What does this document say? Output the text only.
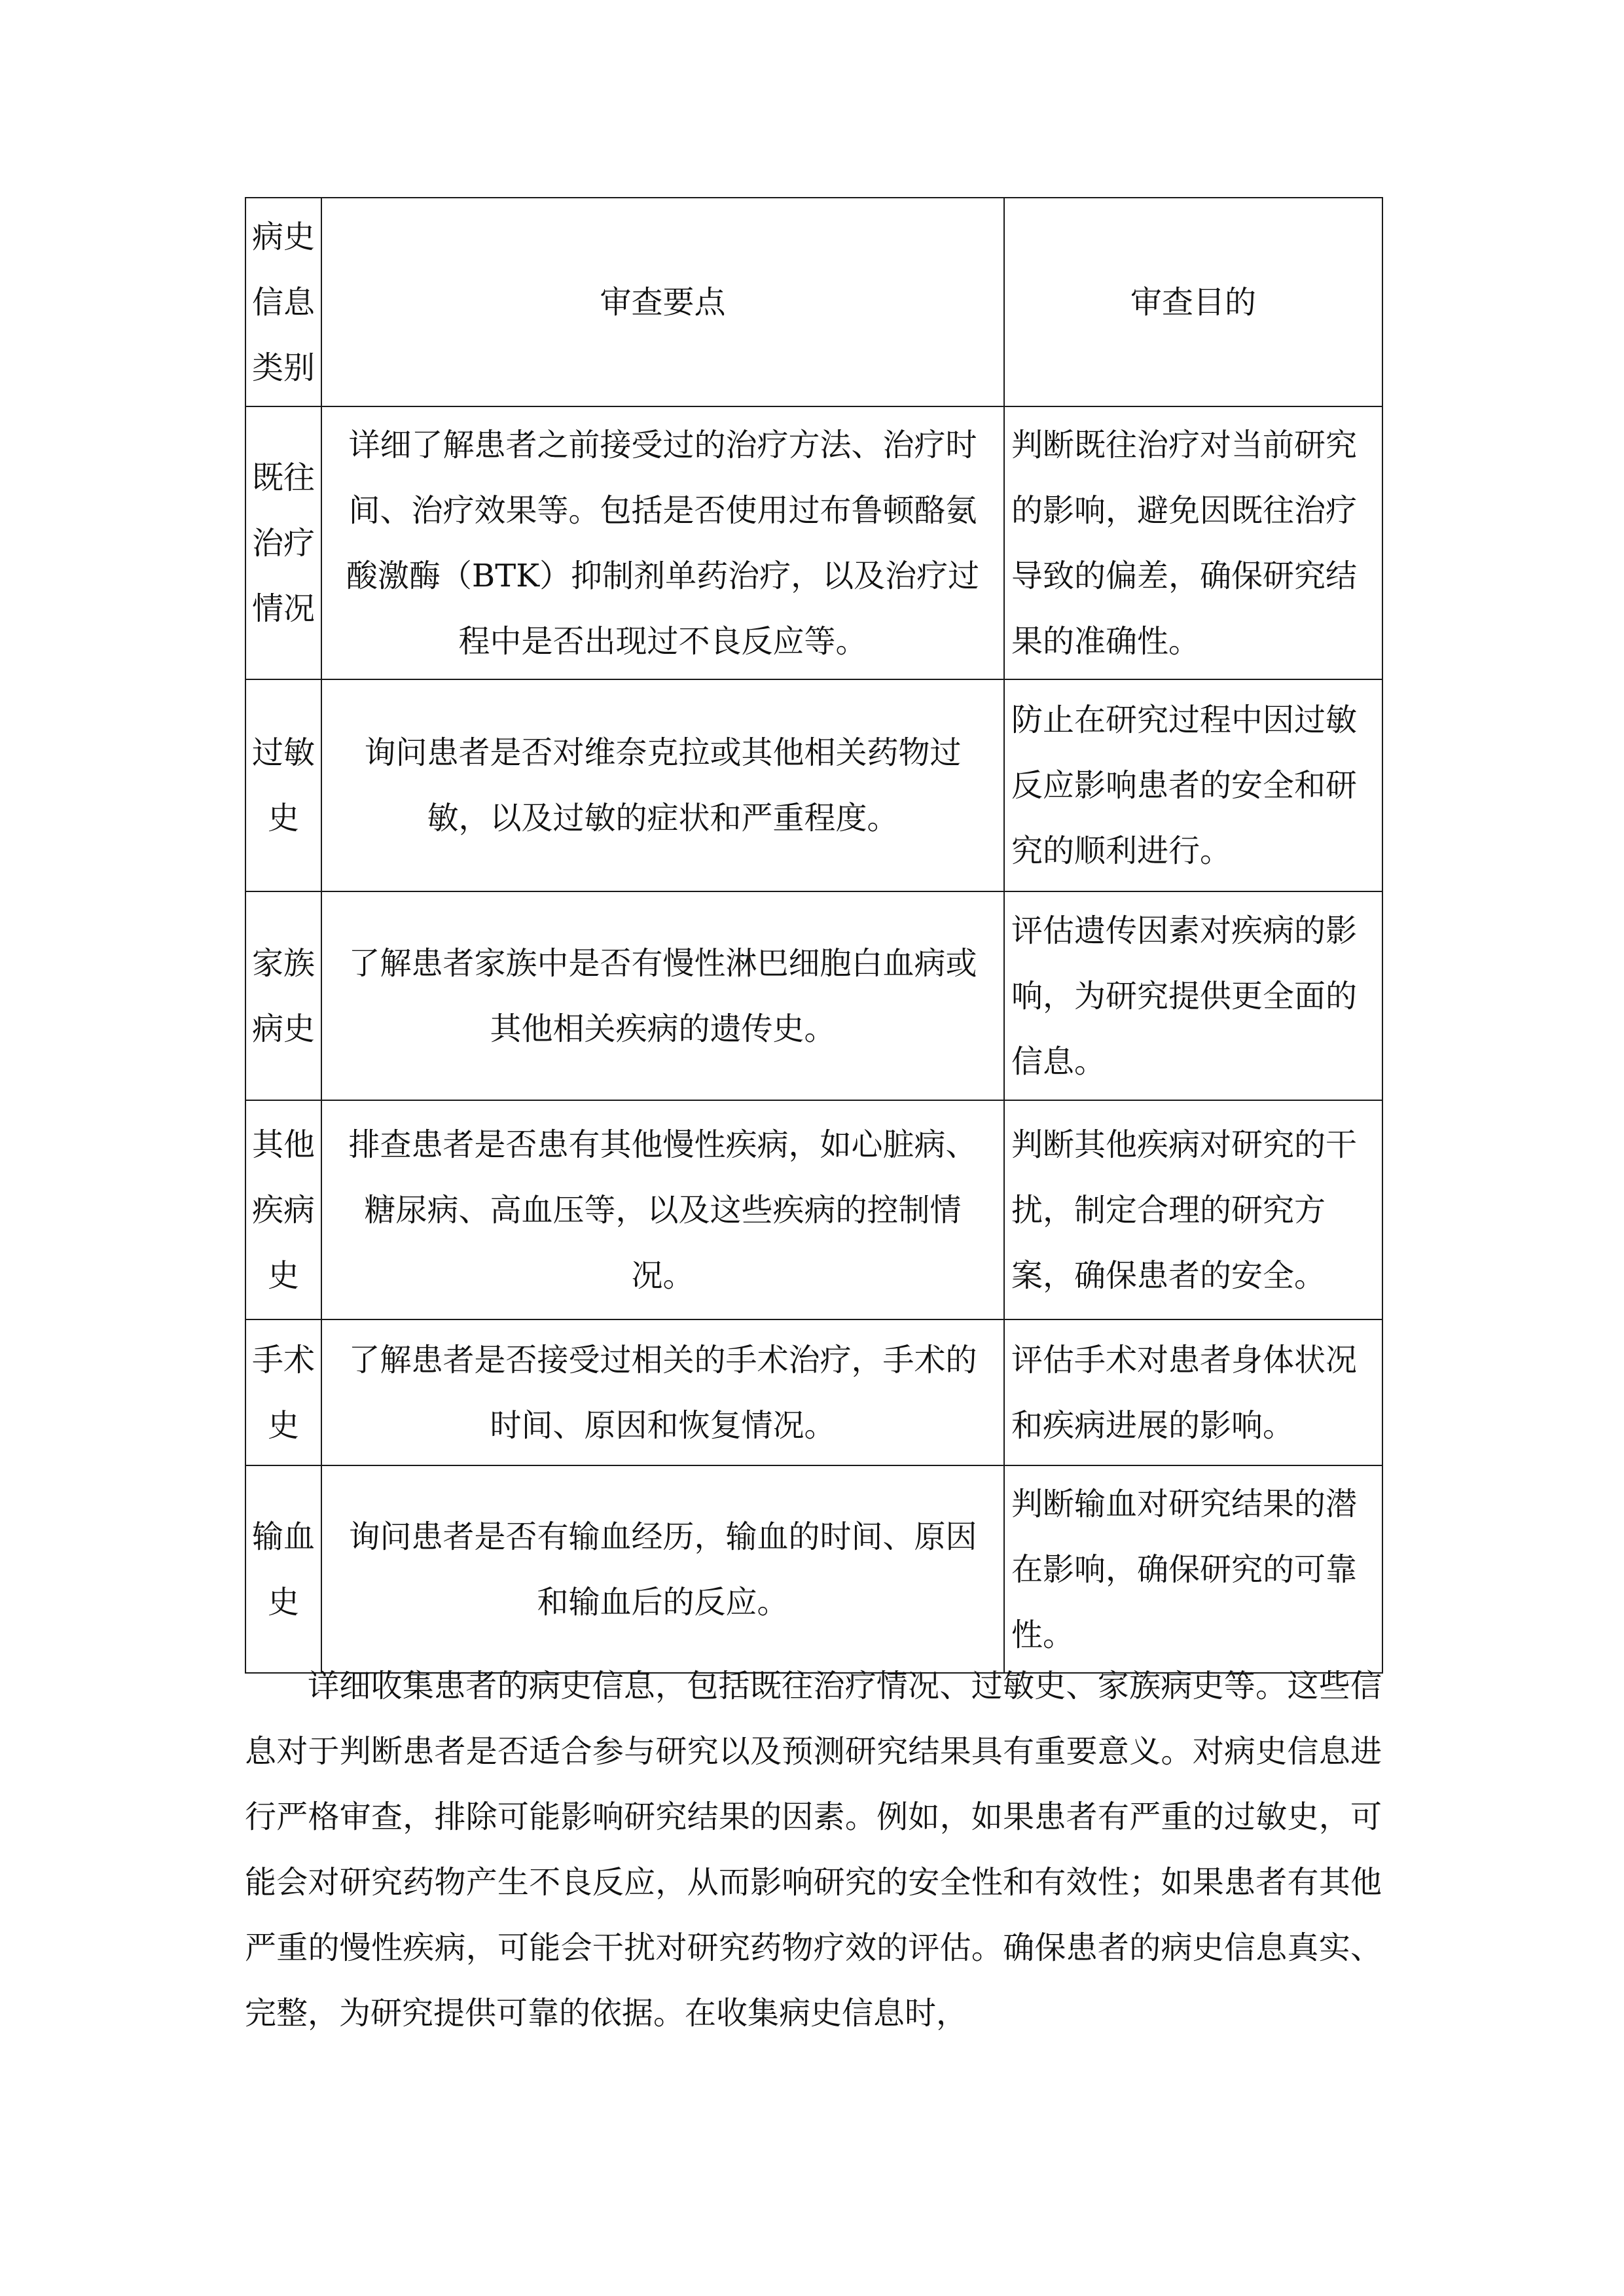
病史信息类别	审查要点	审查目的
既往治疗情况	详细了解患者之前接受过的治疗方法、治疗时间、治疗效果等。包括是否使用过布鲁顿酪氨酸激酶（BTK）抑制剂单药治疗，以及治疗过程中是否出现过不良反应等。	判断既往治疗对当前研究的影响，避免因既往治疗导致的偏差，确保研究结果的准确性。
过敏史	询问患者是否对维奈克拉或其他相关药物过敏，以及过敏的症状和严重程度。	防止在研究过程中因过敏反应影响患者的安全和研究的顺利进行。
家族病史	了解患者家族中是否有慢性淋巴细胞白血病或其他相关疾病的遗传史。	评估遗传因素对疾病的影响，为研究提供更全面的信息。
其他疾病史	排查患者是否患有其他慢性疾病，如心脏病、糖尿病、高血压等，以及这些疾病的控制情况。	判断其他疾病对研究的干扰，制定合理的研究方案，确保患者的安全。
手术史	了解患者是否接受过相关的手术治疗，手术的时间、原因和恢复情况。	评估手术对患者身体状况和疾病进展的影响。
输血史	询问患者是否有输血经历，输血的时间、原因和输血后的反应。	判断输血对研究结果的潜在影响，确保研究的可靠性。

详细收集患者的病史信息，包括既往治疗情况、过敏史、家族病史等。这些信息对于判断患者是否适合参与研究以及预测研究结果具有重要意义。对病史信息进行严格审查，排除可能影响研究结果的因素。例如，如果患者有严重的过敏史，可能会对研究药物产生不良反应，从而影响研究的安全性和有效性；如果患者有其他严重的慢性疾病，可能会干扰对研究药物疗效的评估。确保患者的病史信息真实、完整，为研究提供可靠的依据。在收集病史信息时，
